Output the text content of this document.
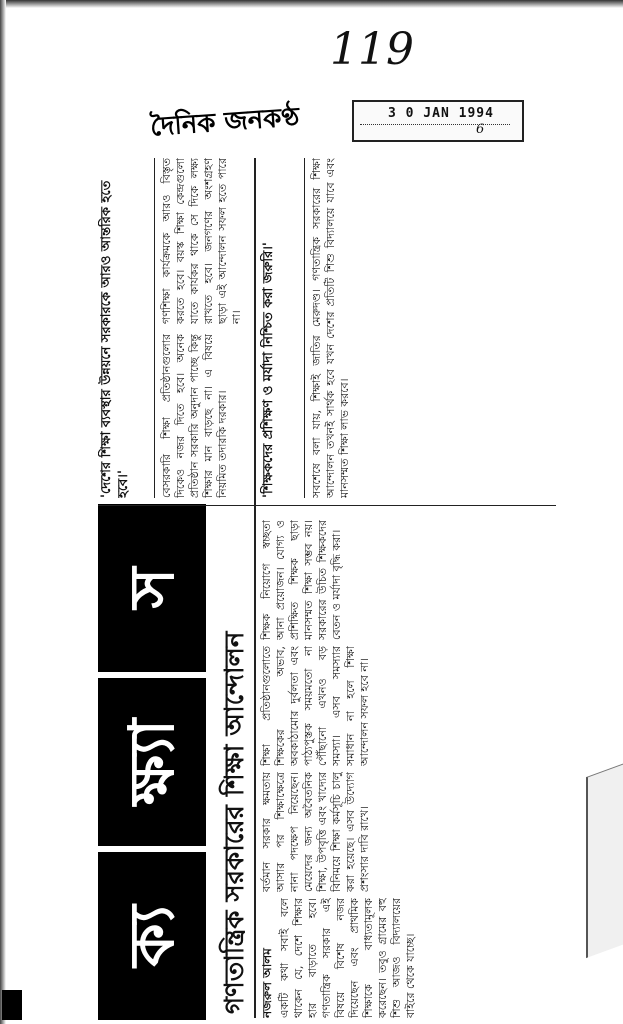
119
দৈনিক জনকণ্ঠ	3 0 JAN 1994
6
ক্য
ক্ষ্যা
স
গণতান্ত্রিক সরকারের শিক্ষা আন্দোলন নজরুল আলম একটি কথা সবাই বলে থাকেন যে, দেশে শিক্ষার হার বাড়াতে হবে। গণতান্ত্রিক সরকার এই বিষয়ে বিশেষ নজর দিয়েছেন এবং প্রাথমিক শিক্ষাকে বাধ্যতামূলক করেছেন। তবুও গ্রামের বহু শিশু আজও বিদ্যালয়ের বাইরে থেকে যাচ্ছে।
বর্তমান সরকার ক্ষমতায় আসার পর শিক্ষাক্ষেত্রে নানা পদক্ষেপ নিয়েছেন। মেয়েদের জন্য অবৈতনিক শিক্ষা, উপবৃত্তি এবং খাদ্যের বিনিময়ে শিক্ষা কর্মসূচি চালু করা হয়েছে। এসব উদ্যোগ প্রশংসার দাবি রাখে।
শিক্ষা প্রতিষ্ঠানগুলোতে শিক্ষকের অভাব, অবকাঠামোর দুর্বলতা এবং পাঠ্যপুস্তক সময়মতো না পৌঁছানো এখনও বড় সমস্যা। এসব সমস্যার সমাধান না হলে শিক্ষা আন্দোলন সফল হবে না।
শিক্ষক নিয়োগে স্বচ্ছতা আনা প্রয়োজন। যোগ্য ও প্রশিক্ষিত শিক্ষক ছাড়া মানসম্মত শিক্ষা সম্ভব নয়। সরকারের উচিত শিক্ষকদের বেতন ও মর্যাদা বৃদ্ধি করা।
'দেশের শিক্ষা ব্যবস্থার উন্নয়নে সরকারকে আরও আন্তরিক হতে হবে।'	বেসরকারি শিক্ষা প্রতিষ্ঠানগুলোর দিকেও নজর দিতে হবে। অনেক প্রতিষ্ঠান সরকারি অনুদান পাচ্ছে কিন্তু শিক্ষার মান বাড়ছে না। এ বিষয়ে নিয়মিত তদারকি দরকার।
গণশিক্ষা কার্যক্রমকে আরও বিস্তৃত করতে হবে। বয়স্ক শিক্ষা কেন্দ্রগুলো যাতে কার্যকর থাকে সে দিকে লক্ষ্য রাখতে হবে। জনগণের অংশগ্রহণ ছাড়া এই আন্দোলন সফল হতে পারে না।	'শিক্ষকদের প্রশিক্ষণ ও মর্যাদা নিশ্চিত করা জরুরি।'	সবশেষে বলা যায়, শিক্ষাই জাতির মেরুদণ্ড। গণতান্ত্রিক সরকারের শিক্ষা আন্দোলন তখনই সার্থক হবে যখন দেশের প্রতিটি শিশু বিদ্যালয়ে যাবে এবং মানসম্মত শিক্ষা লাভ করবে।
